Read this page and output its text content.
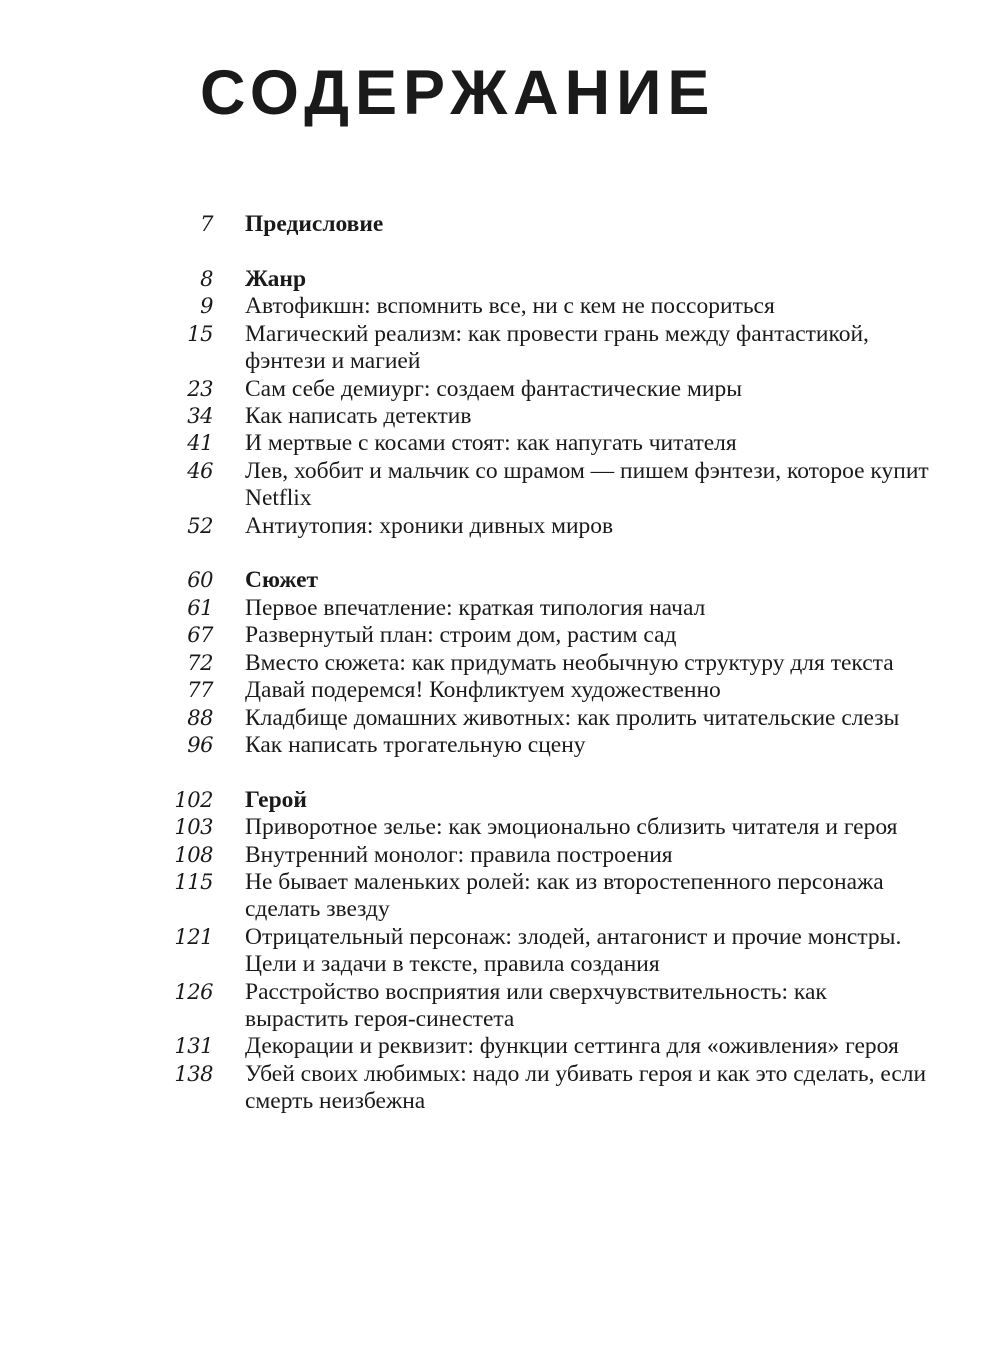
СОДЕРЖАНИЕ
7	Предисловие
8	Жанр
9	Автофикшн: вспомнить все, ни с кем не поссориться
15	Магический реализм: как провести грань между фантастикой, фэнтези и магией
23	Сам себе демиург: создаем фантастические миры
34	Как написать детектив
41	И мертвые с косами стоят: как напугать читателя
46	Лев, хоббит и мальчик со шрамом — пишем фэнтези, которое купит Netflix
52	Антиутопия: хроники дивных миров
60	Сюжет
61	Первое впечатление: краткая типология начал
67	Развернутый план: строим дом, растим сад
72	Вместо сюжета: как придумать необычную структуру для текста
77	Давай подеремся! Конфликтуем художественно
88	Кладбище домашних животных: как пролить читательские слезы
96	Как написать трогательную сцену
102	Герой
103	Приворотное зелье: как эмоционально сблизить читателя и героя
108	Внутренний монолог: правила построения
115	Не бывает маленьких ролей: как из второстепенного персонажа сделать звезду
121	Отрицательный персонаж: злодей, антагонист и прочие монстры. Цели и задачи в тексте, правила создания
126	Расстройство восприятия или сверхчувствительность: как вырастить героя-синестета
131	Декорации и реквизит: функции сеттинга для «оживления» героя
138	Убей своих любимых: надо ли убивать героя и как это сделать, если смерть неизбежна
